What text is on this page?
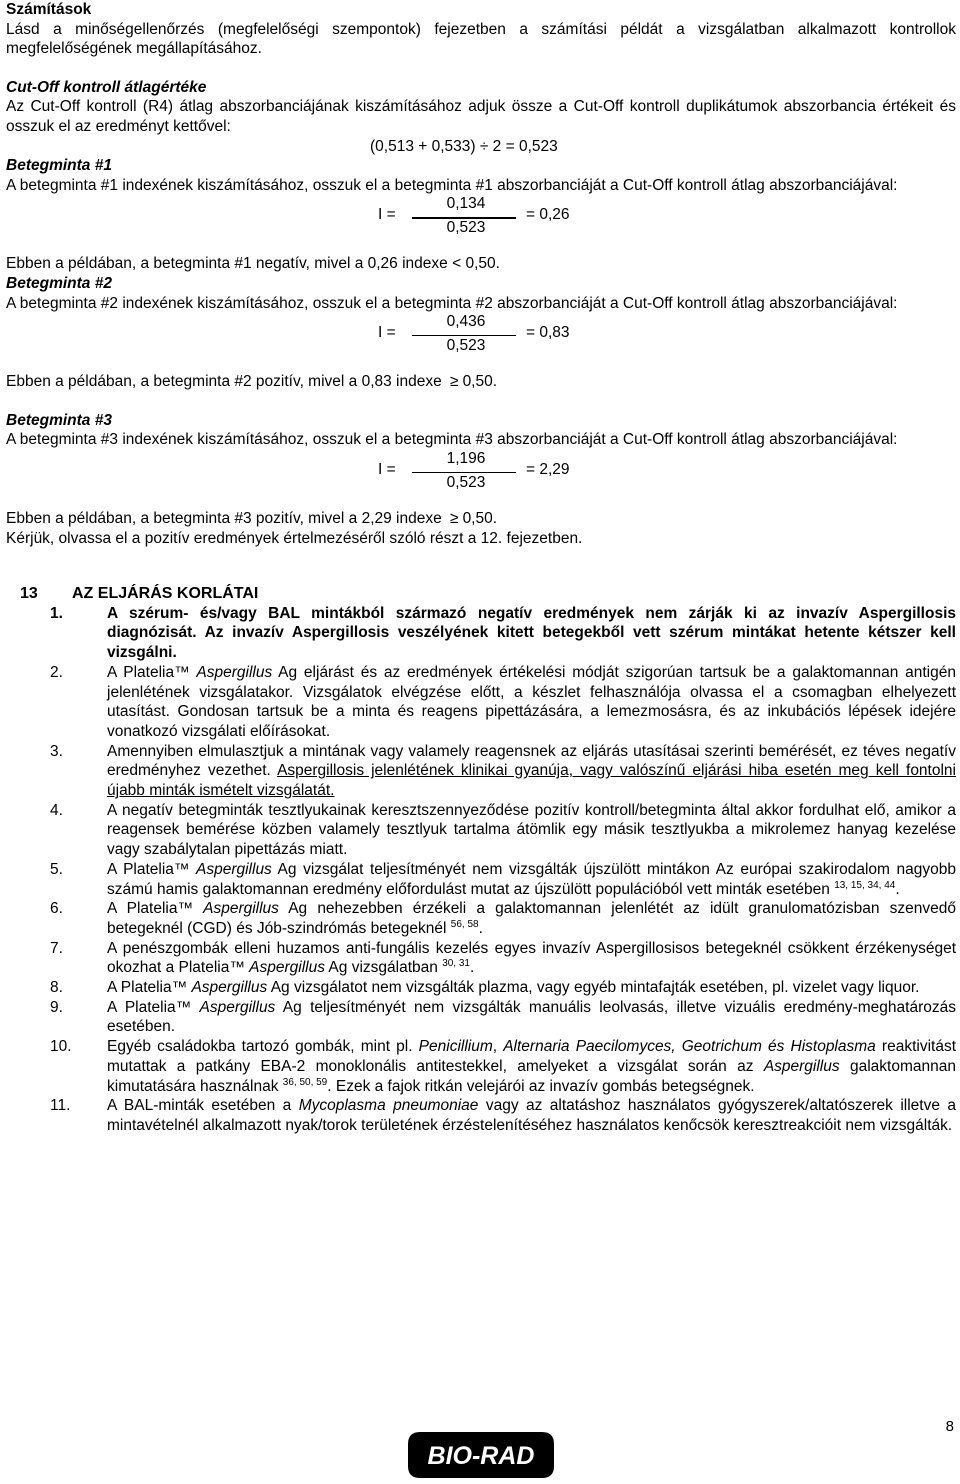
Számítások

Lásd a minőségellenőrzés (megfelelőségi szempontok) fejezetben a számítási példát a vizsgálatban alkalmazott kontrollok megfelelőségének megállapításához.

Cut-Off kontroll átlagértéke

Az Cut-Off kontroll (R4) átlag abszorbanciájának kiszámításához adjuk össze a Cut-Off kontroll duplikátumok abszorbancia értékeit és osszuk el az eredményt kettővel:

(0,513 + 0,533) ÷ 2 = 0,523

Betegminta #1

A betegminta #1 indexének kiszámításához, osszuk el a betegminta #1 abszorbanciáját a Cut-Off kontroll átlag abszorbanciájával:

I =
0,134
0,523
= 0,26

Ebben a példában, a betegminta #1 negatív, mivel a 0,26 indexe < 0,50.

Betegminta #2

A betegminta #2 indexének kiszámításához, osszuk el a betegminta #2 abszorbanciáját a Cut-Off kontroll átlag abszorbanciájával:

I =
0,436
0,523
= 0,83

Ebben a példában, a betegminta #2 pozitív, mivel a 0,83 indexe ≥ 0,50.

Betegminta #3

A betegminta #3 indexének kiszámításához, osszuk el a betegminta #3 abszorbanciáját a Cut-Off kontroll átlag abszorbanciájával:

I =
1,196
0,523
= 2,29

Ebben a példában, a betegminta #3 pozitív, mivel a 2,29 indexe ≥ 0,50.

Kérjük, olvassa el a pozitív eredmények értelmezéséről szóló részt a 12. fejezetben.

13 AZ ELJÁRÁS KORLÁTAI

1.	A szérum- és/vagy BAL mintákból származó negatív eredmények nem zárják ki az invazív Aspergillosis diagnózisát. Az invazív Aspergillosis veszélyének kitett betegekből vett szérum mintákat hetente kétszer kell vizsgálni.
2.	A Platelia™ Aspergillus Ag eljárást és az eredmények értékelési módját szigorúan tartsuk be a galaktomannan antigén jelenlétének vizsgálatakor. Vizsgálatok elvégzése előtt, a készlet felhasználója olvassa el a csomagban elhelyezett utasítást. Gondosan tartsuk be a minta és reagens pipettázására, a lemezmosásra, és az inkubációs lépések idejére vonatkozó vizsgálati előírásokat.
3.	Amennyiben elmulasztjuk a mintának vagy valamely reagensnek az eljárás utasításai szerinti bemérését, ez téves negatív eredményhez vezethet. Aspergillosis jelenlétének klinikai gyanúja, vagy valószínű eljárási hiba esetén meg kell fontolni újabb minták ismételt vizsgálatát.
4.	A negatív betegminták tesztlyukainak keresztszennyeződése pozitív kontroll/betegminta által akkor fordulhat elő, amikor a reagensek bemérése közben valamely tesztlyuk tartalma átömlik egy másik tesztlyukba a mikrolemez hanyag kezelése vagy szabálytalan pipettázás miatt.
5.	A Platelia™ Aspergillus Ag vizsgálat teljesítményét nem vizsgálták újszülött mintákon Az európai szakirodalom nagyobb számú hamis galaktomannan eredmény előfordulást mutat az újszülött populációból vett minták esetében $^{13, 15, 34, 44}$.
6.	A Platelia™ Aspergillus Ag nehezebben érzékeli a galaktomannan jelenlétét az idült granulomatózisban szenvedő betegeknél (CGD) és Jób-szindrómás betegeknél $^{56, 58}$.
7.	A penészgombák elleni huzamos anti-fungális kezelés egyes invazív Aspergillosisos betegeknél csökkent érzékenységet okozhat a Platelia™ Aspergillus Ag vizsgálatban $^{30, 31}$.
8.	A Platelia™ Aspergillus Ag vizsgálatot nem vizsgálták plazma, vagy egyéb mintafajták esetében, pl. vizelet vagy liquor.
9.	A Platelia™ Aspergillus Ag teljesítményét nem vizsgálták manuális leolvasás, illetve vizuális eredmény-meghatározás esetében.
10. Egyéb családokba tartozó gombák, mint pl. Penicillium, Alternaria Paecilomyces, Geotrichum és Histoplasma reaktivitást mutattak a patkány EBA-2 monoklonális antitestekkel, amelyeket a vizsgálat során az Aspergillus galaktomannan kimutatására használnak $^{36, 50, 59}$. Ezek a fajok ritkán velejárói az invazív gombás betegségnek.
11. A BAL-minták esetében a Mycoplasma pneumoniae vagy az altatáshoz használatos gyógyszerek/altatószerek illetve a mintavételnél alkalmazott nyak/torok területének érzéstelenítéséhez használatos kenőcsök keresztreakcióit nem vizsgálták.
8
BIO-RAD
